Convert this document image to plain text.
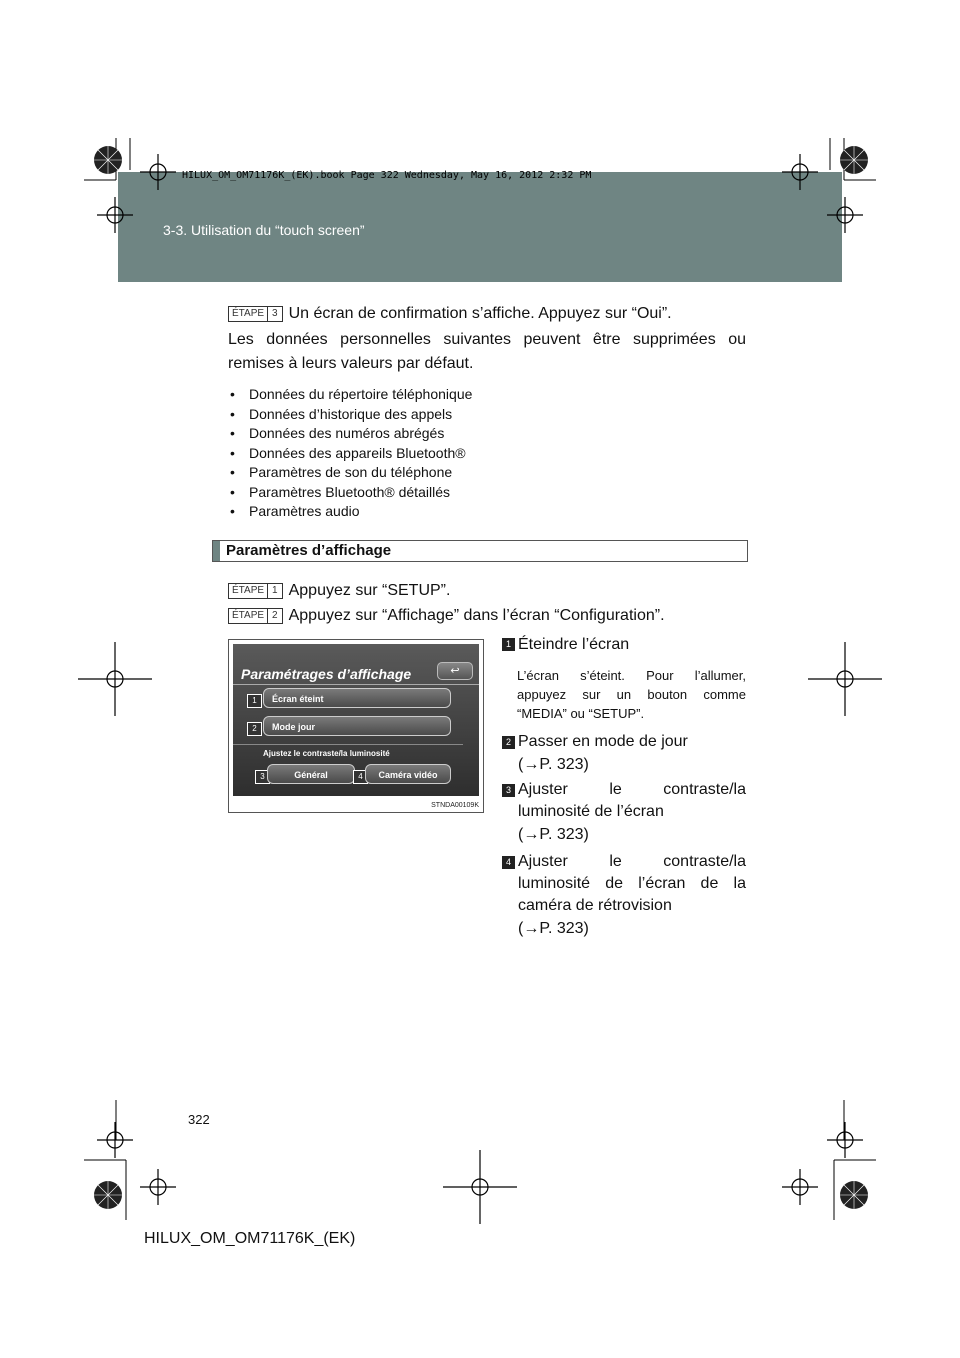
3-3. Utilisation du “touch screen”
HILUX_OM_OM71176K_(EK).book Page 322 Wednesday, May 16, 2012 2:32 PM
ÉTAPE 3 Un écran de confirmation s’affiche. Appuyez sur “Oui”.
Les données personnelles suivantes peuvent être supprimées ou remises à leurs valeurs par défaut.
• Données du répertoire téléphonique
• Données d’historique des appels
• Données des numéros abrégés
• Données des appareils Bluetooth®
• Paramètres de son du téléphone
• Paramètres Bluetooth® détaillés
• Paramètres audio
Paramètres d’affichage
ÉTAPE 1 Appuyez sur “SETUP”.
ÉTAPE 2 Appuyez sur “Affichage” dans l’écran “Configuration”.
Paramétrages d’affichage	↩
1	Écran éteint
2	Mode jour
Ajustez le contraste/la luminosité
3	Général	4	Caméra vidéo
STNDA00109K
1 Éteindre l’écran
L’écran s’éteint. Pour l’allumer, appuyez sur un bouton comme “MEDIA” ou “SETUP”.
2 Passer en mode de jour
(→P. 323)
3 Ajuster le contraste/la luminosité de l’écran
(→P. 323)
4 Ajuster le contraste/la luminosité de l’écran de la caméra de rétrovision
(→P. 323)
322
HILUX_OM_OM71176K_(EK)
